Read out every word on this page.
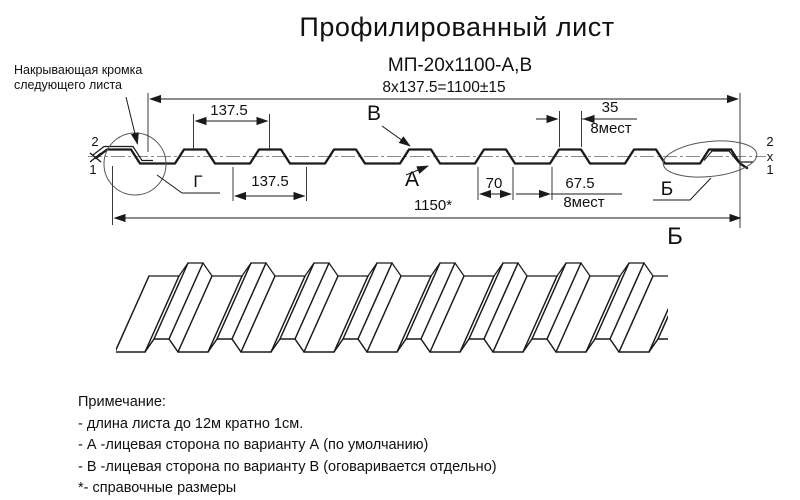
Профилированный лист
МП-20х1100-А,В
8х137.5=1100±15
Накрывающая кромка
следующего листа
137.5	35
8мест
137.5	70	67.5
8мест
1150*
В
А
Г	Б
Б
2
1
2
x
1
Примечание:
- длина листа до 12м кратно 1см.
- А -лицевая сторона по варианту А (по умолчанию)
- В -лицевая сторона по варианту В (оговаривается отдельно)
*- справочные размеры
